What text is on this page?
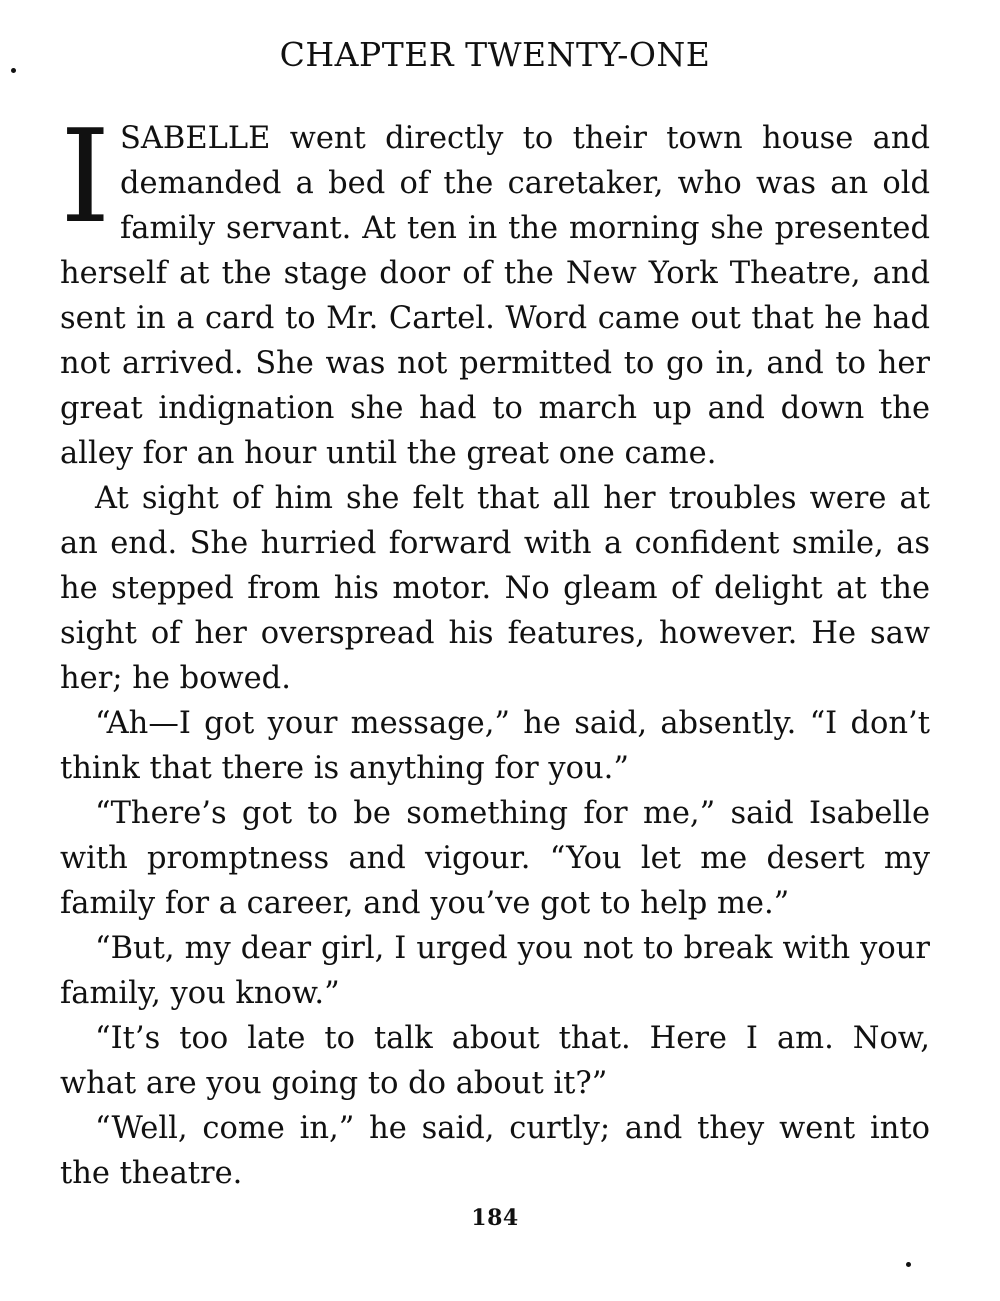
CHAPTER TWENTY-ONE
I SABELLE went directly to their town house and
demanded a bed of the caretaker, who was an old
family servant. At ten in the morning she presented
herself at the stage door of the New York Theatre, and
sent in a card to Mr. Cartel. Word came out that he had
not arrived. She was not permitted to go in, and to her
great indignation she had to march up and down the
alley for an hour until the great one came.
At sight of him she felt that all her troubles were at
an end. She hurried forward with a confident smile, as
he stepped from his motor. No gleam of delight at the
sight of her overspread his features, however. He saw
her; he bowed.
“Ah—I got your message,” he said, absently. “I don’t
think that there is anything for you.”
“There’s got to be something for me,” said Isabelle
with promptness and vigour. “You let me desert my
family for a career, and you’ve got to help me.”
“But, my dear girl, I urged you not to break with your
family, you know.”
“It’s too late to talk about that. Here I am. Now,
what are you going to do about it?”
“Well, come in,” he said, curtly; and they went into
the theatre.
184
